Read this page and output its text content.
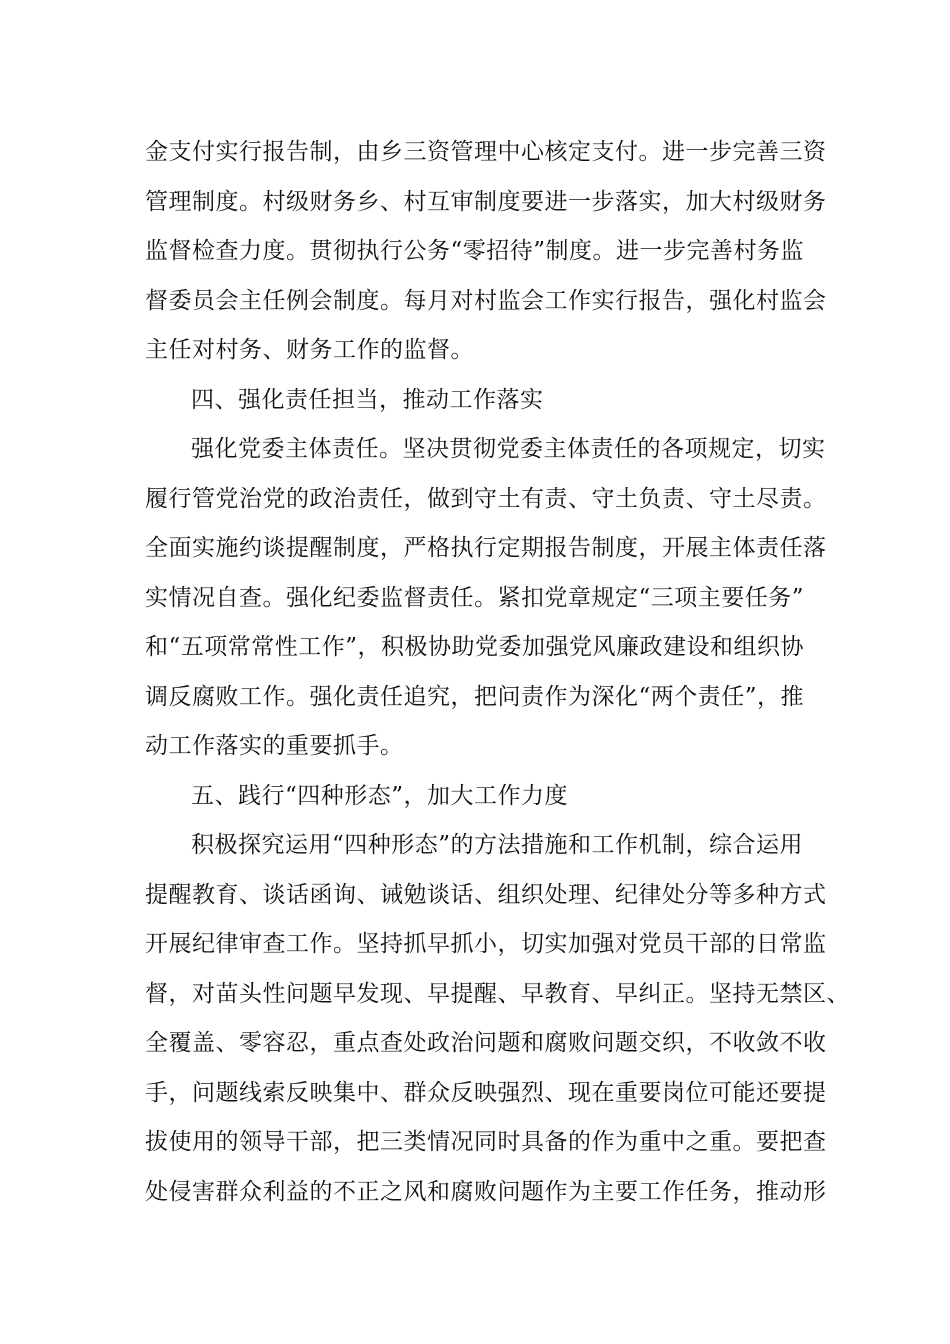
金支付实行报告制，由乡三资管理中心核定支付。进一步完善三资
管理制度。村级财务乡、村互审制度要进一步落实，加大村级财务
监督检查力度。贯彻执行公务“零招待”制度。进一步完善村务监
督委员会主任例会制度。每月对村监会工作实行报告，强化村监会
主任对村务、财务工作的监督。
四、强化责任担当，推动工作落实
强化党委主体责任。坚决贯彻党委主体责任的各项规定，切实
履行管党治党的政治责任，做到守土有责、守土负责、守土尽责。
全面实施约谈提醒制度，严格执行定期报告制度，开展主体责任落
实情况自查。强化纪委监督责任。紧扣党章规定“三项主要任务”
和“五项常常性工作”，积极协助党委加强党风廉政建设和组织协
调反腐败工作。强化责任追究，把问责作为深化“两个责任”，推
动工作落实的重要抓手。
五、践行“四种形态”，加大工作力度
积极探究运用“四种形态”的方法措施和工作机制，综合运用
提醒教育、谈话函询、诫勉谈话、组织处理、纪律处分等多种方式
开展纪律审查工作。坚持抓早抓小，切实加强对党员干部的日常监
督，对苗头性问题早发现、早提醒、早教育、早纠正。坚持无禁区、
全覆盖、零容忍，重点查处政治问题和腐败问题交织，不收敛不收
手，问题线索反映集中、群众反映强烈、现在重要岗位可能还要提
拔使用的领导干部，把三类情况同时具备的作为重中之重。要把查
处侵害群众利益的不正之风和腐败问题作为主要工作任务，推动形
